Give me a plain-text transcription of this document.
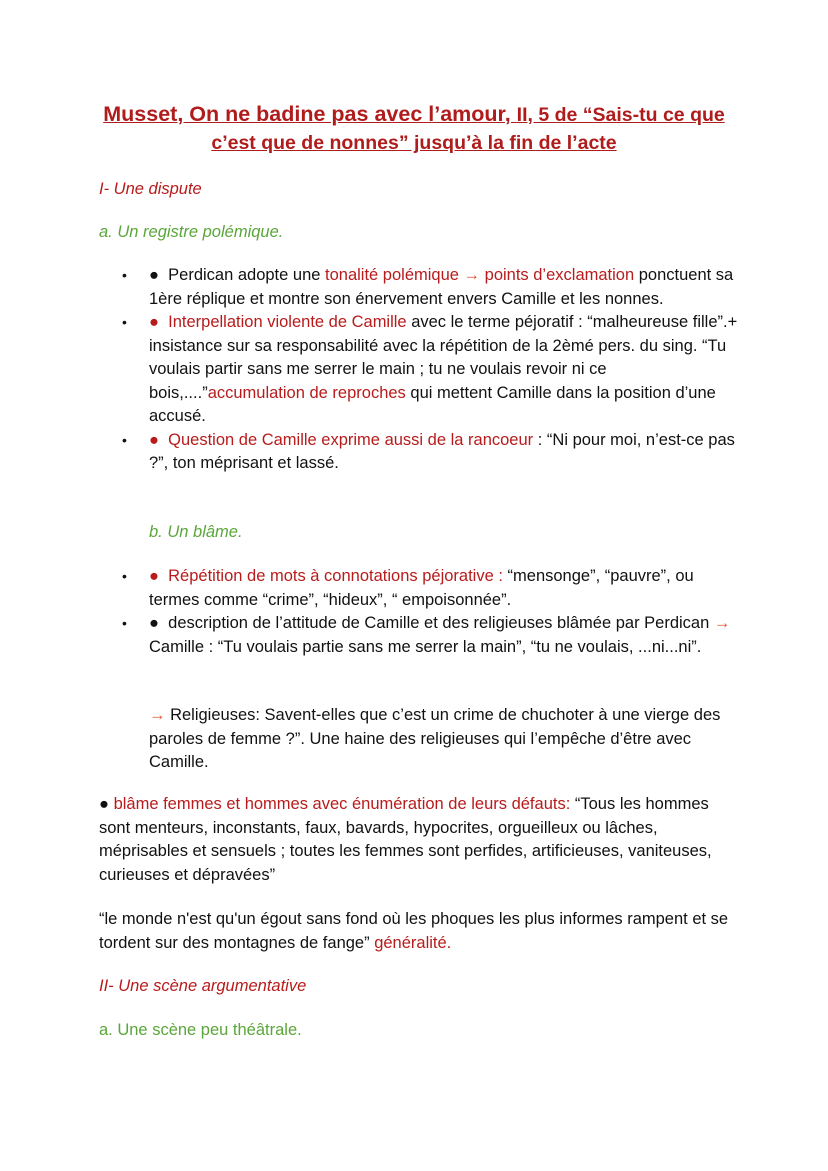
Musset, On ne badine pas avec l’amour, II, 5 de “Sais-tu ce que c’est que de nonnes” jusqu’à la fin de l’acte
I- Une dispute
a. Un registre polémique.
• ● Perdican adopte une tonalité polémique → points d’exclamation ponctuent sa 1ère réplique et montre son énervement envers Camille et les nonnes.
• ● Interpellation violente de Camille avec le terme péjoratif : “malheureuse fille”.+ insistance sur sa responsabilité avec la répétition de la 2èmé pers. du sing. “Tu voulais partir sans me serrer le main ; tu ne voulais revoir ni ce bois,....”accumulation de reproches qui mettent Camille dans la position d’une accusé.
• ● Question de Camille exprime aussi de la rancoeur : “Ni pour moi, n’est-ce pas ?”, ton méprisant et lassé.
b. Un blâme.
• ● Répétition de mots à connotations péjorative : “mensonge”, “pauvre”, ou termes comme “crime”, “hideux”, “ empoisonnée”.
• ● description de l’attitude de Camille et des religieuses blâmée par Perdican → Camille : “Tu voulais partie sans me serrer la main”, “tu ne voulais, ...ni...ni”.
→ Religieuses: Savent-elles que c’est un crime de chuchoter à une vierge des paroles de femme ?”. Une haine des religieuses qui l’empêche d’être avec Camille.
● blâme femmes et hommes avec énumération de leurs défauts: “Tous les hommes sont menteurs, inconstants, faux, bavards, hypocrites, orgueilleux ou lâches, méprisables et sensuels ; toutes les femmes sont perfides, artificieuses, vaniteuses, curieuses et dépravées”
“le monde n'est qu'un égout sans fond où les phoques les plus informes rampent et se tordent sur des montagnes de fange” généralité.
II- Une scène argumentative
a. Une scène peu théâtrale.
